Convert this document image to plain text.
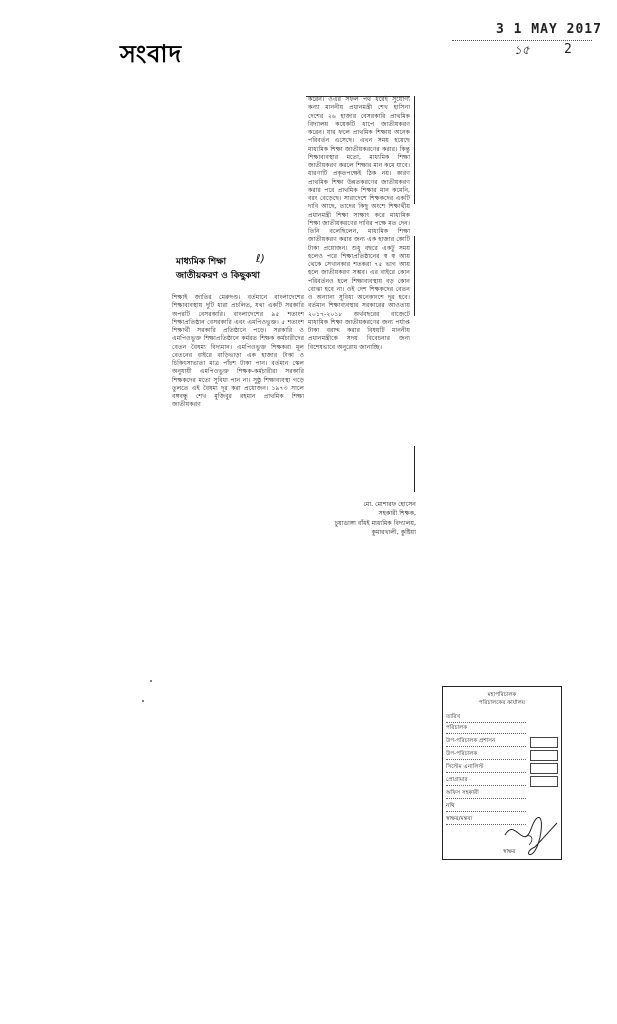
সংবাদ
3 1 MAY 2017
১৫	2

করেন। ওএর সফল পথ ধরেই সুযোগ্য কন্যা মাননীয় প্রধানমন্ত্রী শেখ হাসিনা দেশের ২৬ হাজার বেসরকারি প্রাথমিক বিদ্যালয় কয়েকটি ধাপে জাতীয়করণ করেন। যার ফলে প্রাথমিক শিক্ষায় অনেক পরিবর্তন এসেছে। এখন সময় হয়েছে মাধ্যমিক শিক্ষা জাতীয়করণের করার। কিন্তু শিক্ষাব্যবস্থার মতো, মাধ্যমিক শিক্ষা জাতীয়করণ করলে শিক্ষার মান কমে যাবে। ধারণাটি প্রকৃতপক্ষেই ঠিক নয়। কারণ প্রাথমিক শিক্ষা উন্নতকরণের জাতীয়করণ করার পরে প্রাথমিক শিক্ষার মান কমেনি, বরং বেড়েছে। সারাদেশে শিক্ষকদের একটি দাবি আছে, তাদের কিছু অংশে শিক্ষার্থীয় প্রধানমন্ত্রী শিক্ষা সাক্ষাৎ করে মাধ্যমিক শিক্ষা জাতীয়করণের দাবির পক্ষে মত দেন। তিনি বলেছিলেন, মাধ্যমিক শিক্ষা জাতীয়করণ করার জন্য এক হাজার কোটি টাকা প্রয়োজন। শুধু বছরে একটু সময় হলেও পরে শিক্ষাপ্রতিষ্ঠানের স্ব স্ব আয় থেকে সেখানকার শতকরা ৭৫ ভাগ আয় হলে জাতীয়করণ সম্ভব। এর বাইরে কোন পরিবর্তনও হলে শিক্ষাব্যবস্থায় বড় কোন বোঝা হবে না। ওই দেশ শিক্ষকদের বেতন ও অন্যান্য সুবিধা অনেকাংশে দূর হবে। বর্তমান শিক্ষাব্যবস্থার সরকারের আওতায় ২০১৭-২০১৮ অর্থবছরের বাজেটে মাধ্যমিক শিক্ষা জাতীয়করণের জন্য পর্যাপ্ত টাকা বরাদ্দ করার বিষয়টি মাননীয় প্রধানমন্ত্রীকে সদয় বিবেচনার জন্য বিশেষভাবে অনুরোধ জানাচ্ছি।

মাধ্যমিক শিক্ষা
জাতীয়করণ ও কিছুকথা
ℓ)

শিক্ষাই জাতির মেরুদণ্ড। বর্তমানে বাংলাদেশের শিক্ষাব্যবস্থায় দুটি ধারা প্রচলিত, যথা একটি সরকারি অপরটি বেসরকারি। বাংলাদেশের ৯৫ শতাংশ শিক্ষাপ্রতিষ্ঠান বেসরকারি এবং এমপিওভুক্ত। ৫ শতাংশ শিক্ষার্থী সরকারি প্রতিষ্ঠানে পড়ে। সরকারি ও এমপিওভুক্ত শিক্ষাপ্রতিষ্ঠানে কর্মরত শিক্ষক কর্মচারীদের বেতন বৈষম্য বিদ্যমান। এমপিওভুক্ত শিক্ষকরা মূল বেতনের বাইরে বাড়িভাড়া এক হাজার টাকা ও চিকিৎসাভাতা মাত্র পাঁচশ টাকা পান। বর্তমান স্কেল অনুযায়ী এমপিওভুক্ত শিক্ষক-কর্মচারীরা সরকারি শিক্ষকদের মতো সুবিধা পান না। সুষ্ঠু শিক্ষাব্যবস্থা গড়ে তুলতে এই বৈষম্য দূর করা প্রয়োজন। ১৯৭৩ সালে বঙ্গবন্ধু শেখ মুজিবুর রহমান প্রাথমিক শিক্ষা জাতীয়করণ

মো. মোশারফ হোসেন
সহকারী শিক্ষক,
চুয়াডাঙ্গা বাঁধই মাধ্যমিক বিদ্যালয়,
কুমারখালী, কুষ্টিয়া
মহাপরিচালক
পরিচালকের কার্যালয়
তারিখ
পরিচালক
উপ-পরিচালক প্রশাসন
উপ-পরিচালক
সিস্টেম এনালিস্ট
প্রোগ্রামার
অফিস সহকারী
নথি
স্বাক্ষর/মন্তব্য
স্বাক্ষর
